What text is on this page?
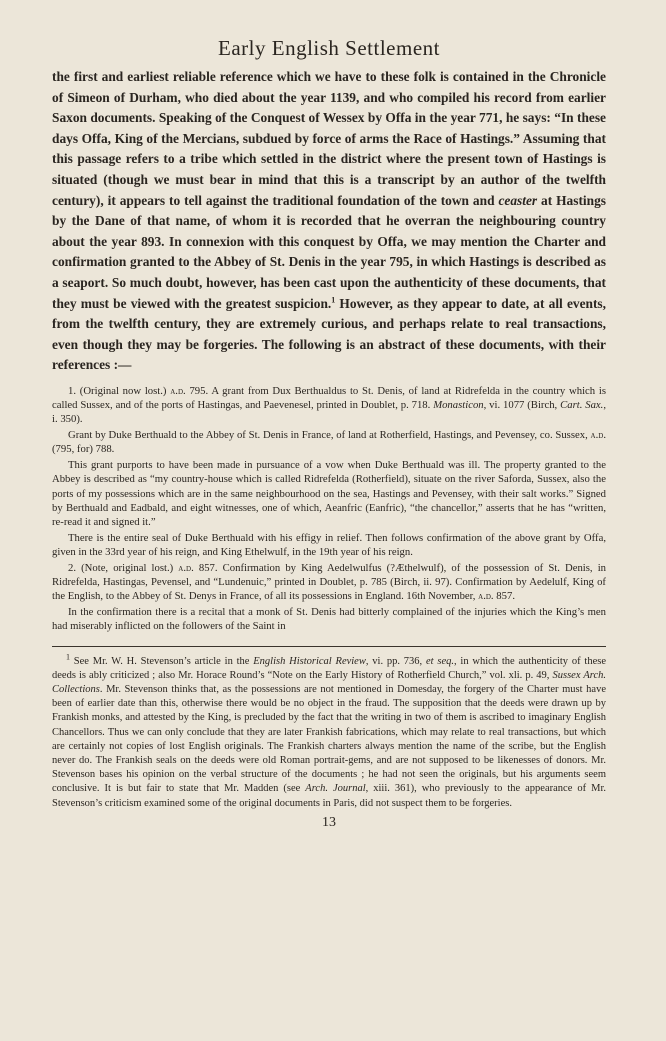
Early English Settlement

the first and earliest reliable reference which we have to these folk is contained in the Chronicle of Simeon of Durham, who died about the year 1139, and who compiled his record from earlier Saxon documents. Speaking of the Conquest of Wessex by Offa in the year 771, he says: “In these days Offa, King of the Mercians, subdued by force of arms the Race of Hastings.” Assuming that this passage refers to a tribe which settled in the district where the present town of Hastings is situated (though we must bear in mind that this is a transcript by an author of the twelfth century), it appears to tell against the traditional foundation of the town and ceaster at Hastings by the Dane of that name, of whom it is recorded that he overran the neighbouring country about the year 893. In connexion with this conquest by Offa, we may mention the Charter and confirmation granted to the Abbey of St. Denis in the year 795, in which Hastings is described as a seaport. So much doubt, however, has been cast upon the authenticity of these documents, that they must be viewed with the greatest suspicion.$^1$ However, as they appear to date, at all events, from the twelfth century, they are extremely curious, and perhaps relate to real transactions, even though they may be forgeries. The following is an abstract of these documents, with their references :—

1. (Original now lost.) a.d. 795. A grant from Dux Berthualdus to St. Denis, of land at Ridrefelda in the country which is called Sussex, and of the ports of Hastingas, and Paevenesel, printed in Doublet, p. 718. Monasticon, vi. 1077 (Birch, Cart. Sax., i. 350).

Grant by Duke Berthuald to the Abbey of St. Denis in France, of land at Rotherfield, Hastings, and Pevensey, co. Sussex, a.d. (795, for) 788.

This grant purports to have been made in pursuance of a vow when Duke Berthuald was ill. The property granted to the Abbey is described as “my country-house which is called Ridrefelda (Rotherfield), situate on the river Saforda, Sussex, also the ports of my possessions which are in the same neighbourhood on the sea, Hastings and Pevensey, with their salt works.” Signed by Berthuald and Eadbald, and eight witnesses, one of which, Aeanfric (Eanfric), “the chancellor,” asserts that he has “written, re-read it and signed it.”

There is the entire seal of Duke Berthuald with his effigy in relief. Then follows confirmation of the above grant by Offa, given in the 33rd year of his reign, and King Ethelwulf, in the 19th year of his reign.

2. (Note, original lost.) a.d. 857. Confirmation by King Aedelwulfus (?Æthelwulf), of the possession of St. Denis, in Ridrefelda, Hastingas, Pevensel, and “Lundenuic,” printed in Doublet, p. 785 (Birch, ii. 97). Confirmation by Aedelulf, King of the English, to the Abbey of St. Denys in France, of all its possessions in England. 16th November, a.d. 857.

In the confirmation there is a recital that a monk of St. Denis had bitterly complained of the injuries which the King’s men had miserably inflicted on the followers of the Saint in

$^1$ See Mr. W. H. Stevenson’s article in the English Historical Review, vi. pp. 736, et seq., in which the authenticity of these deeds is ably criticized ; also Mr. Horace Round’s “Note on the Early History of Rotherfield Church,” vol. xli. p. 49, Sussex Arch. Collections. Mr. Stevenson thinks that, as the possessions are not mentioned in Domesday, the forgery of the Charter must have been of earlier date than this, otherwise there would be no object in the fraud. The supposition that the deeds were drawn up by Frankish monks, and attested by the King, is precluded by the fact that the writing in two of them is ascribed to imaginary English Chancellors. Thus we can only conclude that they are later Frankish fabrications, which may relate to real transactions, but which are certainly not copies of lost English originals. The Frankish charters always mention the name of the scribe, but the English never do. The Frankish seals on the deeds were old Roman portrait-gems, and are not supposed to be likenesses of donors. Mr. Stevenson bases his opinion on the verbal structure of the documents ; he had not seen the originals, but his arguments seem conclusive. It is but fair to state that Mr. Madden (see Arch. Journal, xiii. 361), who previously to the appearance of Mr. Stevenson’s criticism examined some of the original documents in Paris, did not suspect them to be forgeries.

13
